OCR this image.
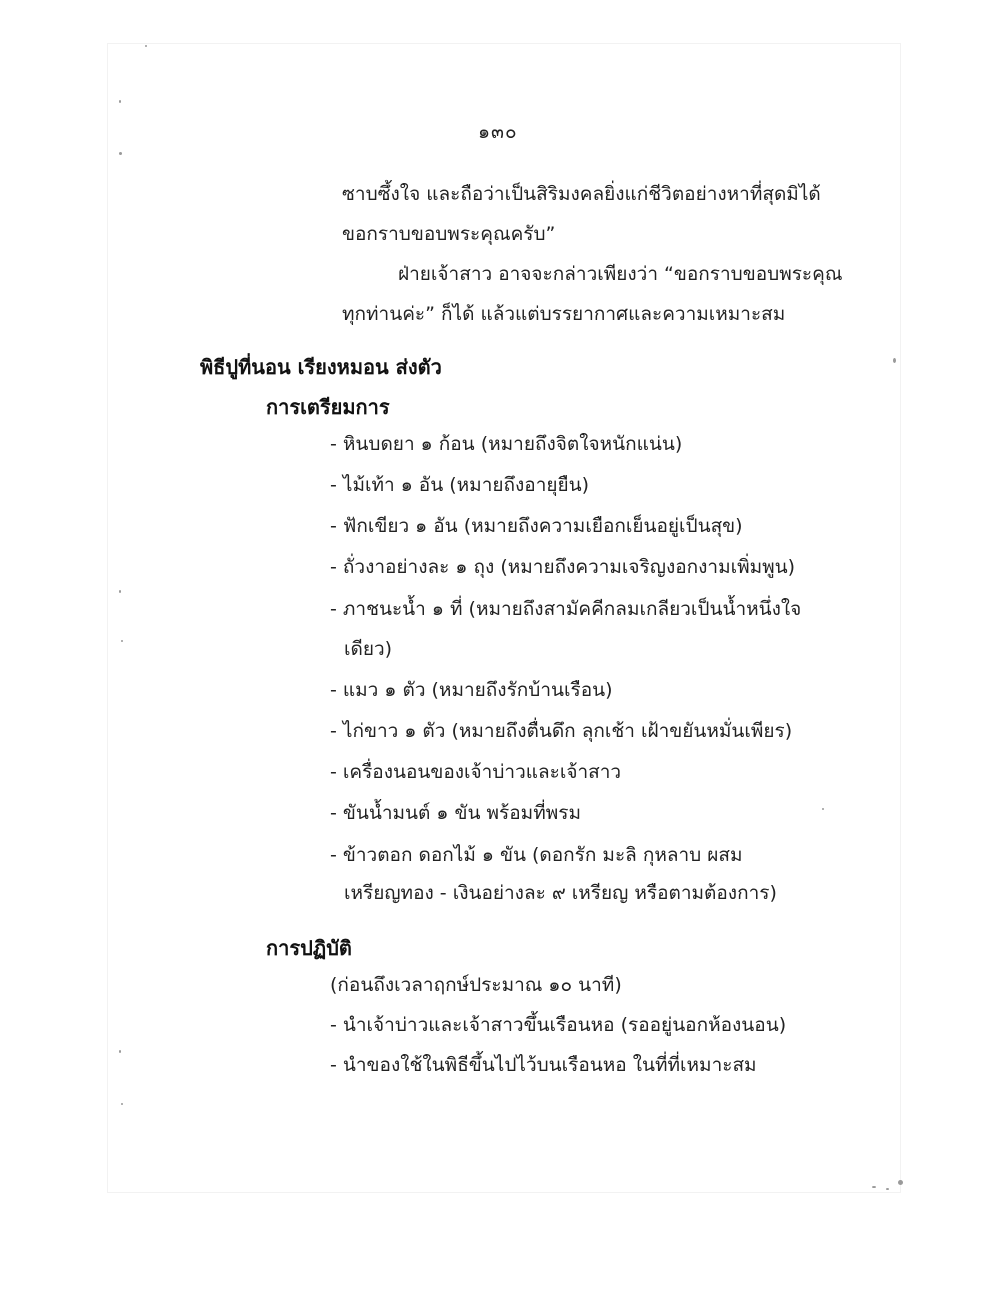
๑๓๐
ซาบซึ้งใจ และถือว่าเป็นสิริมงคลยิ่งแก่ชีวิตอย่างหาที่สุดมิได้
ขอกราบขอบพระคุณครับ”
ฝ่ายเจ้าสาว อาจจะกล่าวเพียงว่า “ขอกราบขอบพระคุณ
ทุกท่านค่ะ” ก็ได้ แล้วแต่บรรยากาศและความเหมาะสม
พิธีปูที่นอน เรียงหมอน ส่งตัว
การเตรียมการ
- หินบดยา ๑ ก้อน (หมายถึงจิตใจหนักแน่น)
- ไม้เท้า ๑ อัน (หมายถึงอายุยืน)
- ฟักเขียว ๑ อัน (หมายถึงความเยือกเย็นอยู่เป็นสุข)
- ถั่วงาอย่างละ ๑ ถุง (หมายถึงความเจริญงอกงามเพิ่มพูน)
- ภาชนะน้ำ ๑ ที่ (หมายถึงสามัคคีกลมเกลียวเป็นน้ำหนึ่งใจ
เดียว)
- แมว ๑ ตัว (หมายถึงรักบ้านเรือน)
- ไก่ขาว ๑ ตัว (หมายถึงตื่นดึก ลุกเช้า เฝ้าขยันหมั่นเพียร)
- เครื่องนอนของเจ้าบ่าวและเจ้าสาว
- ขันน้ำมนต์ ๑ ขัน พร้อมที่พรม
- ข้าวตอก ดอกไม้ ๑ ขัน (ดอกรัก มะลิ กุหลาบ ผสม
เหรียญทอง - เงินอย่างละ ๙ เหรียญ หรือตามต้องการ)
การปฏิบัติ
(ก่อนถึงเวลาฤกษ์ประมาณ ๑๐ นาที)
- นำเจ้าบ่าวและเจ้าสาวขึ้นเรือนหอ (รออยู่นอกห้องนอน)
- นำของใช้ในพิธีขึ้นไปไว้บนเรือนหอ ในที่ที่เหมาะสม
